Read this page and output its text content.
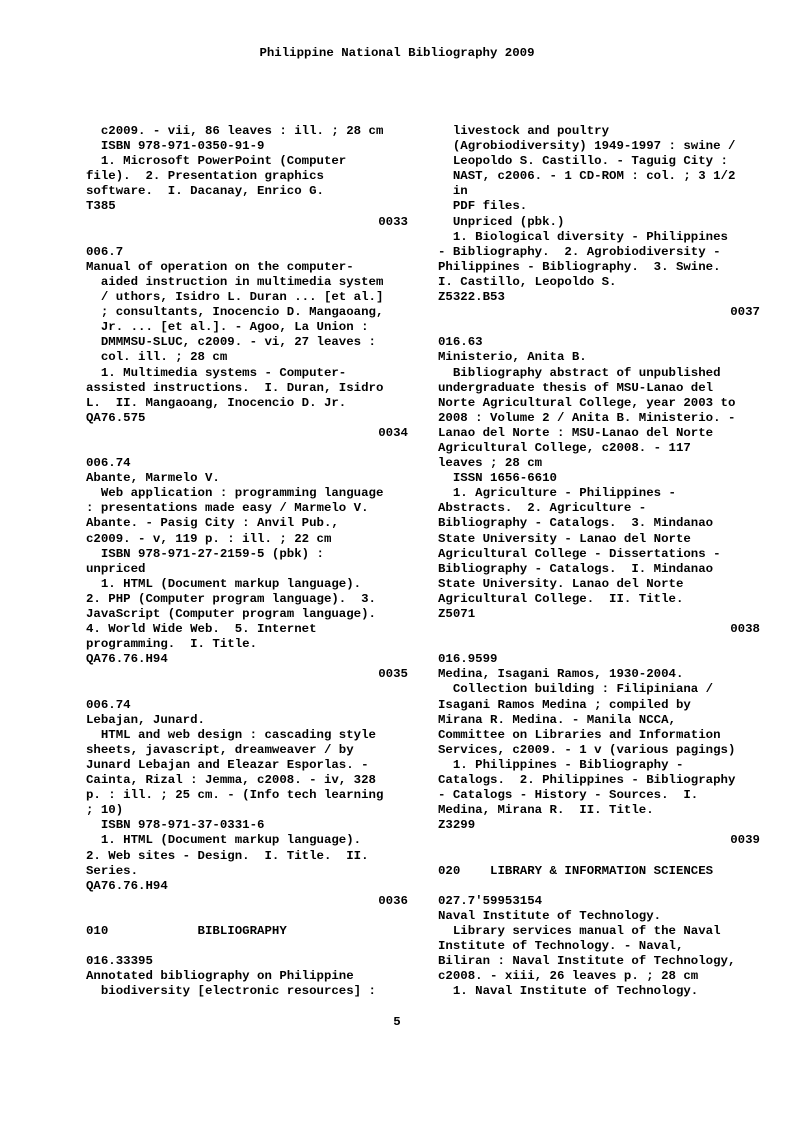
Philippine National Bibliography 2009
c2009. - vii, 86 leaves : ill. ; 28 cm
ISBN 978-971-0350-91-9
1. Microsoft PowerPoint (Computer
file).  2. Presentation graphics
software.  I. Dacanay, Enrico G.
T385
0033
006.7
Manual of operation on the computer-
aided instruction in multimedia system
/ uthors, Isidro L. Duran ... [et al.]
; consultants, Inocencio D. Mangaoang,
Jr. ... [et al.]. - Agoo, La Union :
DMMMSU-SLUC, c2009. - vi, 27 leaves :
col. ill. ; 28 cm
1. Multimedia systems - Computer-
assisted instructions.  I. Duran, Isidro
L.  II. Mangaoang, Inocencio D. Jr.
QA76.575
0034
006.74
Abante, Marmelo V.
Web application : programming language
: presentations made easy / Marmelo V.
Abante. - Pasig City : Anvil Pub.,
c2009. - v, 119 p. : ill. ; 22 cm
ISBN 978-971-27-2159-5 (pbk) :
unpriced
1. HTML (Document markup language).
2. PHP (Computer program language).  3.
JavaScript (Computer program language).
4. World Wide Web.  5. Internet
programming.  I. Title.
QA76.76.H94
0035
006.74
Lebajan, Junard.
HTML and web design : cascading style
sheets, javascript, dreamweaver / by
Junard Lebajan and Eleazar Esporlas. -
Cainta, Rizal : Jemma, c2008. - iv, 328
p. : ill. ; 25 cm. - (Info tech learning
; 10)
ISBN 978-971-37-0331-6
1. HTML (Document markup language).
2. Web sites - Design.  I. Title.  II.
Series.
QA76.76.H94
0036
010            BIBLIOGRAPHY
016.33395
Annotated bibliography on Philippine
biodiversity [electronic resources] :
livestock and poultry
(Agrobiodiversity) 1949-1997 : swine /
Leopoldo S. Castillo. - Taguig City :
NAST, c2006. - 1 CD-ROM : col. ; 3 1/2
in
PDF files.
Unpriced (pbk.)
1. Biological diversity - Philippines
- Bibliography.  2. Agrobiodiversity -
Philippines - Bibliography.  3. Swine.
I. Castillo, Leopoldo S.
Z5322.B53
0037
016.63
Ministerio, Anita B.
Bibliography abstract of unpublished
undergraduate thesis of MSU-Lanao del
Norte Agricultural College, year 2003 to
2008 : Volume 2 / Anita B. Ministerio. -
Lanao del Norte : MSU-Lanao del Norte
Agricultural College, c2008. - 117
leaves ; 28 cm
ISSN 1656-6610
1. Agriculture - Philippines -
Abstracts.  2. Agriculture -
Bibliography - Catalogs.  3. Mindanao
State University - Lanao del Norte
Agricultural College - Dissertations -
Bibliography - Catalogs.  I. Mindanao
State University. Lanao del Norte
Agricultural College.  II. Title.
Z5071
0038
016.9599
Medina, Isagani Ramos, 1930-2004.
Collection building : Filipiniana /
Isagani Ramos Medina ; compiled by
Mirana R. Medina. - Manila NCCA,
Committee on Libraries and Information
Services, c2009. - 1 v (various pagings)
1. Philippines - Bibliography -
Catalogs.  2. Philippines - Bibliography
- Catalogs - History - Sources.  I.
Medina, Mirana R.  II. Title.
Z3299
0039
020    LIBRARY & INFORMATION SCIENCES
027.7'59953154
Naval Institute of Technology.
Library services manual of the Naval
Institute of Technology. - Naval,
Biliran : Naval Institute of Technology,
c2008. - xiii, 26 leaves p. ; 28 cm
1. Naval Institute of Technology.
5
